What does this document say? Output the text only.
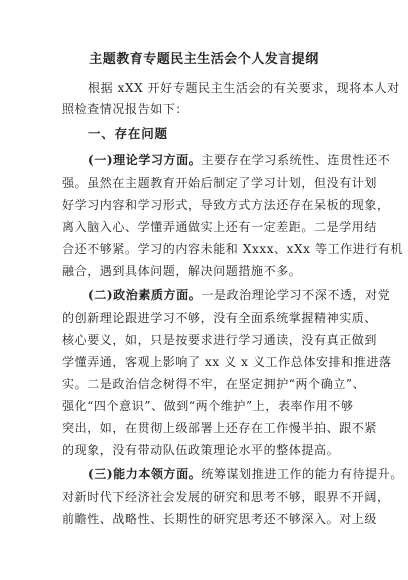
主题教育专题民主生活会个人发言提纲
根据 xXX 开好专题民主生活会的有关要求，现将本人对
照检查情况报告如下：
一、存在问题
(一)理论学习方面。主要存在学习系统性、连贯性还不
强。虽然在主题教育开始后制定了学习计划，但没有计划
好学习内容和学习形式，导致方式方法还存在呆板的现象，
离入脑入心、学懂弄通做实上还有一定差距。二是学用结
合还不够紧。学习的内容未能和 Xxxx、xXx 等工作进行有机
融合，遇到具体问题，解决问题措施不多。
(二)政治素质方面。一是政治理论学习不深不透，对党
的创新理论跟进学习不够，没有全面系统掌握精神实质、
核心要义，如，只是按要求进行学习通读，没有真正做到
学懂弄通，客观上影响了 xx 义 x 义工作总体安排和推进落
实。二是政治信念树得不牢，在坚定拥护“两个确立”、
强化“四个意识”、做到“两个维护”上，表率作用不够
突出，如，在贯彻上级部署上还存在工作慢半拍、跟不紧
的现象，没有带动队伍政策理论水平的整体提高。
(三)能力本领方面。统筹谋划推进工作的能力有待提升。
对新时代下经济社会发展的研究和思考不够，眼界不开阔，
前瞻性、战略性、长期性的研究思考还不够深入。对上级
